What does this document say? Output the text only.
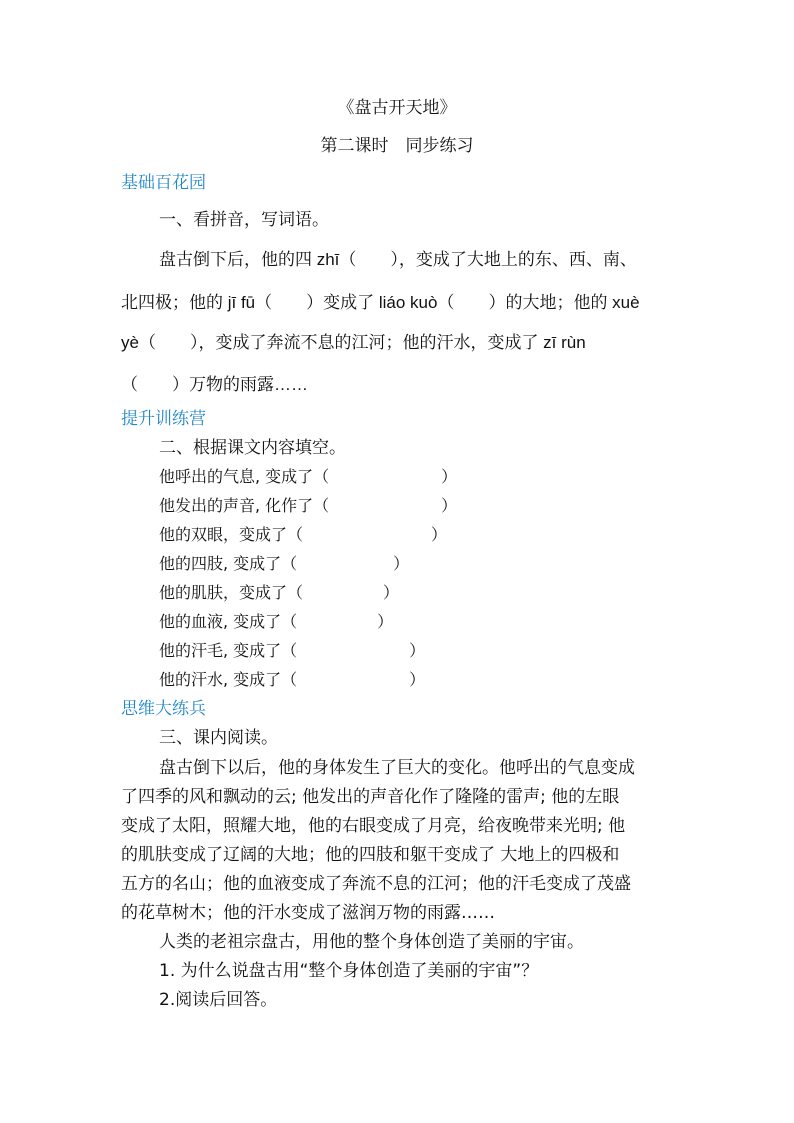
《盘古开天地》
第二课时　同步练习
基础百花园
一、看拼音，写词语。
盘古倒下后，他的四 zhī（　　），变成了大地上的东、西、南、
北四极；他的 jī fū（　　）变成了 liáo kuò（　　）的大地；他的 xuè
yè（　　），变成了奔流不息的江河；他的汗水，变成了 zī rùn
（　　）万物的雨露……
提升训练营
二、根据课文内容填空。
他呼出的气息, 变成了（　　　　　　　）
他发出的声音, 化作了（　　　　　　　）
他的双眼，变成了（　　　　　　　　）
他的四肢, 变成了（　　　　　　）
他的肌肤，变成了（　　　　　）
他的血液, 变成了（　　　　　）
他的汗毛, 变成了（　　　　　　　）
他的汗水, 变成了（　　　　　　　）
思维大练兵
三、课内阅读。
盘古倒下以后，他的身体发生了巨大的变化。他呼出的气息变成
了四季的风和飘动的云; 他发出的声音化作了隆隆的雷声; 他的左眼
变成了太阳，照耀大地，他的右眼变成了月亮，给夜晚带来光明; 他
的肌肤变成了辽阔的大地；他的四肢和躯干变成了 大地上的四极和
五方的名山；他的血液变成了奔流不息的江河；他的汗毛变成了茂盛
的花草树木；他的汗水变成了滋润万物的雨露……
人类的老祖宗盘古，用他的整个身体创造了美丽的宇宙。
1. 为什么说盘古用“整个身体创造了美丽的宇宙”？
2.阅读后回答。
